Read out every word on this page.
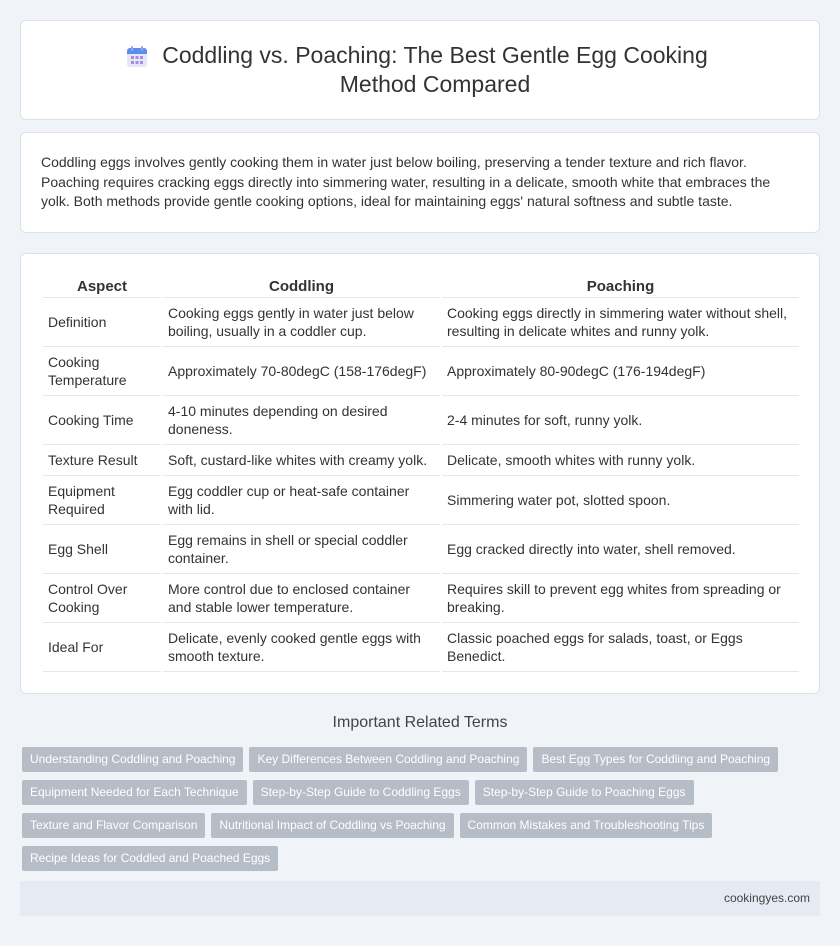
Coddling vs. Poaching: The Best Gentle Egg Cooking Method Compared

Coddling eggs involves gently cooking them in water just below boiling, preserving a tender texture and rich flavor. Poaching requires cracking eggs directly into simmering water, resulting in a delicate, smooth white that embraces the yolk. Both methods provide gentle cooking options, ideal for maintaining eggs' natural softness and subtle taste.

Aspect	Coddling	Poaching
Definition	Cooking eggs gently in water just below boiling, usually in a coddler cup.	Cooking eggs directly in simmering water without shell, resulting in delicate whites and runny yolk.
Cooking Temperature	Approximately 70-80degC (158-176degF)	Approximately 80-90degC (176-194degF)
Cooking Time	4-10 minutes depending on desired doneness.	2-4 minutes for soft, runny yolk.
Texture Result	Soft, custard-like whites with creamy yolk.	Delicate, smooth whites with runny yolk.
Equipment Required	Egg coddler cup or heat-safe container with lid.	Simmering water pot, slotted spoon.
Egg Shell	Egg remains in shell or special coddler container.	Egg cracked directly into water, shell removed.
Control Over Cooking	More control due to enclosed container and stable lower temperature.	Requires skill to prevent egg whites from spreading or breaking.
Ideal For	Delicate, evenly cooked gentle eggs with smooth texture.	Classic poached eggs for salads, toast, or Eggs Benedict.
Important Related Terms
Understanding Coddling and Poaching	Key Differences Between Coddling and Poaching	Best Egg Types for Coddling and Poaching
Equipment Needed for Each Technique	Step-by-Step Guide to Coddling Eggs	Step-by-Step Guide to Poaching Eggs
Texture and Flavor Comparison	Nutritional Impact of Coddling vs Poaching	Common Mistakes and Troubleshooting Tips
Recipe Ideas for Coddled and Poached Eggs
cookingyes.com
